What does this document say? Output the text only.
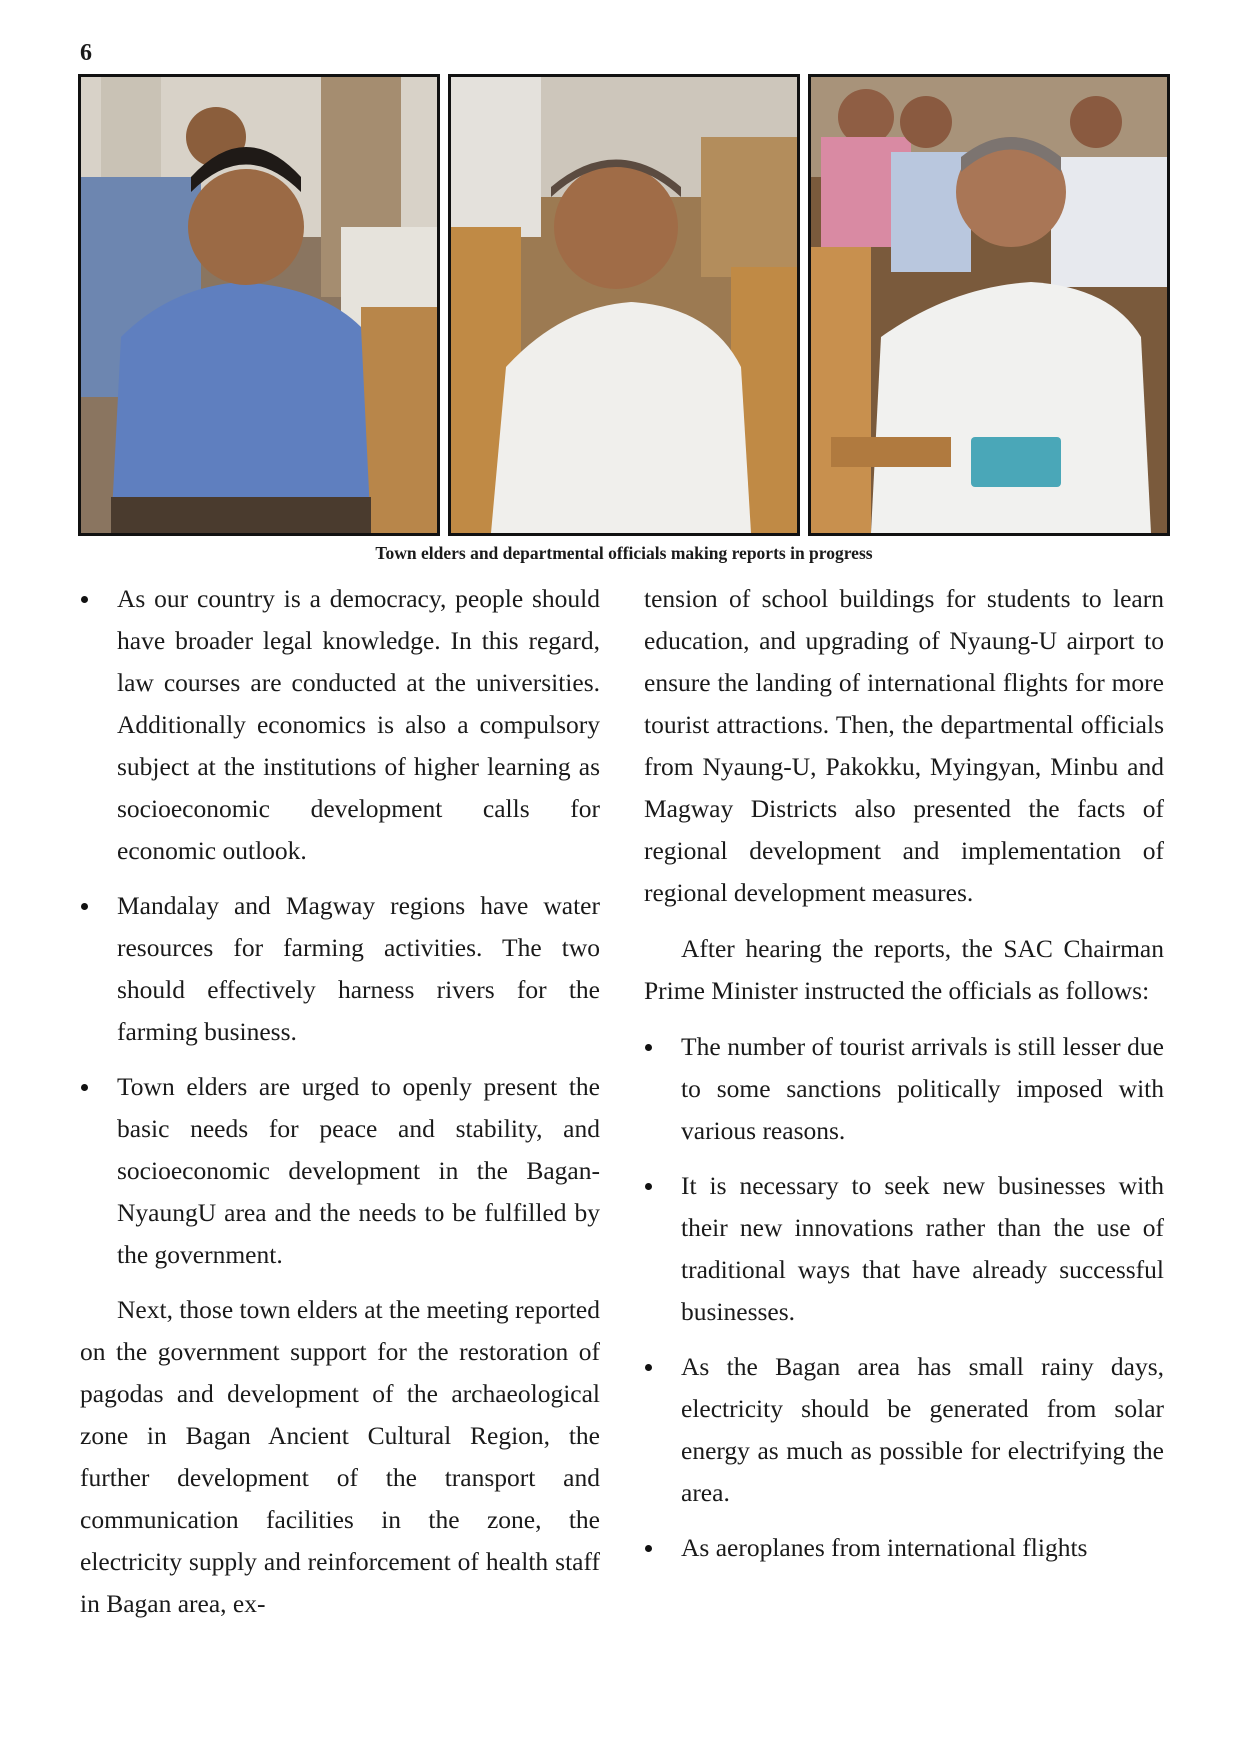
6
Town elders and departmental officials making reports in progress
As our country is a democracy, people should have broader legal knowledge. In this regard, law courses are conducted at the universities. Additionally economics is also a compulsory subject at the institutions of higher learning as socioeconomic development calls for economic outlook.
Mandalay and Magway regions have water resources for farming activities. The two should effectively harness rivers for the farming business.
Town elders are urged to openly present the basic needs for peace and stability, and socioeconomic development in the Bagan-NyaungU area and the needs to be fulfilled by the government.

Next, those town elders at the meeting reported on the government support for the restoration of pagodas and development of the archaeological zone in Bagan Ancient Cultural Region, the further development of the transport and communication facilities in the zone, the electricity supply and reinforcement of health staff in Bagan area, ex-

tension of school buildings for students to learn education, and upgrading of Nyaung-U airport to ensure the landing of international flights for more tourist attractions. Then, the departmental officials from Nyaung-U, Pakokku, Myingyan, Minbu and Magway Districts also presented the facts of regional development and implementation of regional development measures.

After hearing the reports, the SAC Chairman Prime Minister instructed the officials as follows:

The number of tourist arrivals is still lesser due to some sanctions politically imposed with various reasons.
It is necessary to seek new businesses with their new innovations rather than the use of traditional ways that have already successful businesses.
As the Bagan area has small rainy days, electricity should be generated from solar energy as much as possible for electrifying the area.
As aeroplanes from international flights
